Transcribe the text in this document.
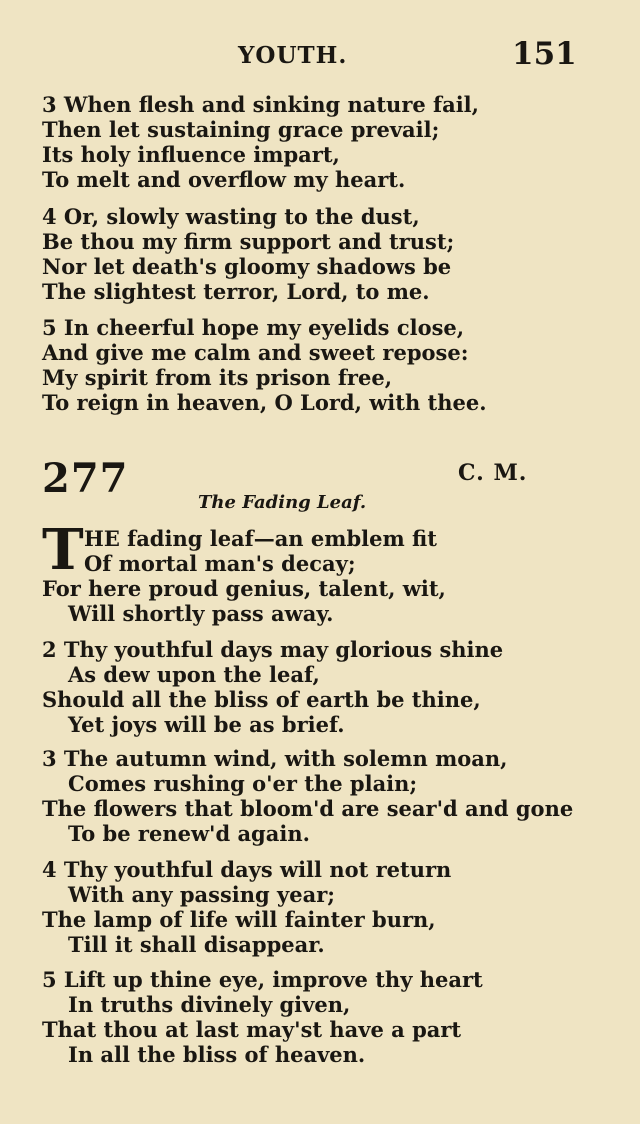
YOUTH.	151
3 When flesh and sinking nature fail,
Then let sustaining grace prevail;
Its holy influence impart,
To melt and overflow my heart.
4 Or, slowly wasting to the dust,
Be thou my firm support and trust;
Nor let death's gloomy shadows be
The slightest terror, Lord, to me.
5 In cheerful hope my eyelids close,
And give me calm and sweet repose:
My spirit from its prison free,
To reign in heaven, O Lord, with thee.
277	C. M.
The Fading Leaf.
T HE fading leaf—an emblem fit
Of mortal man's decay;
For here proud genius, talent, wit,
Will shortly pass away.
2 Thy youthful days may glorious shine
As dew upon the leaf,
Should all the bliss of earth be thine,
Yet joys will be as brief.
3 The autumn wind, with solemn moan,
Comes rushing o'er the plain;
The flowers that bloom'd are sear'd and gone
To be renew'd again.
4 Thy youthful days will not return
With any passing year;
The lamp of life will fainter burn,
Till it shall disappear.
5 Lift up thine eye, improve thy heart
In truths divinely given,
That thou at last may'st have a part
In all the bliss of heaven.
